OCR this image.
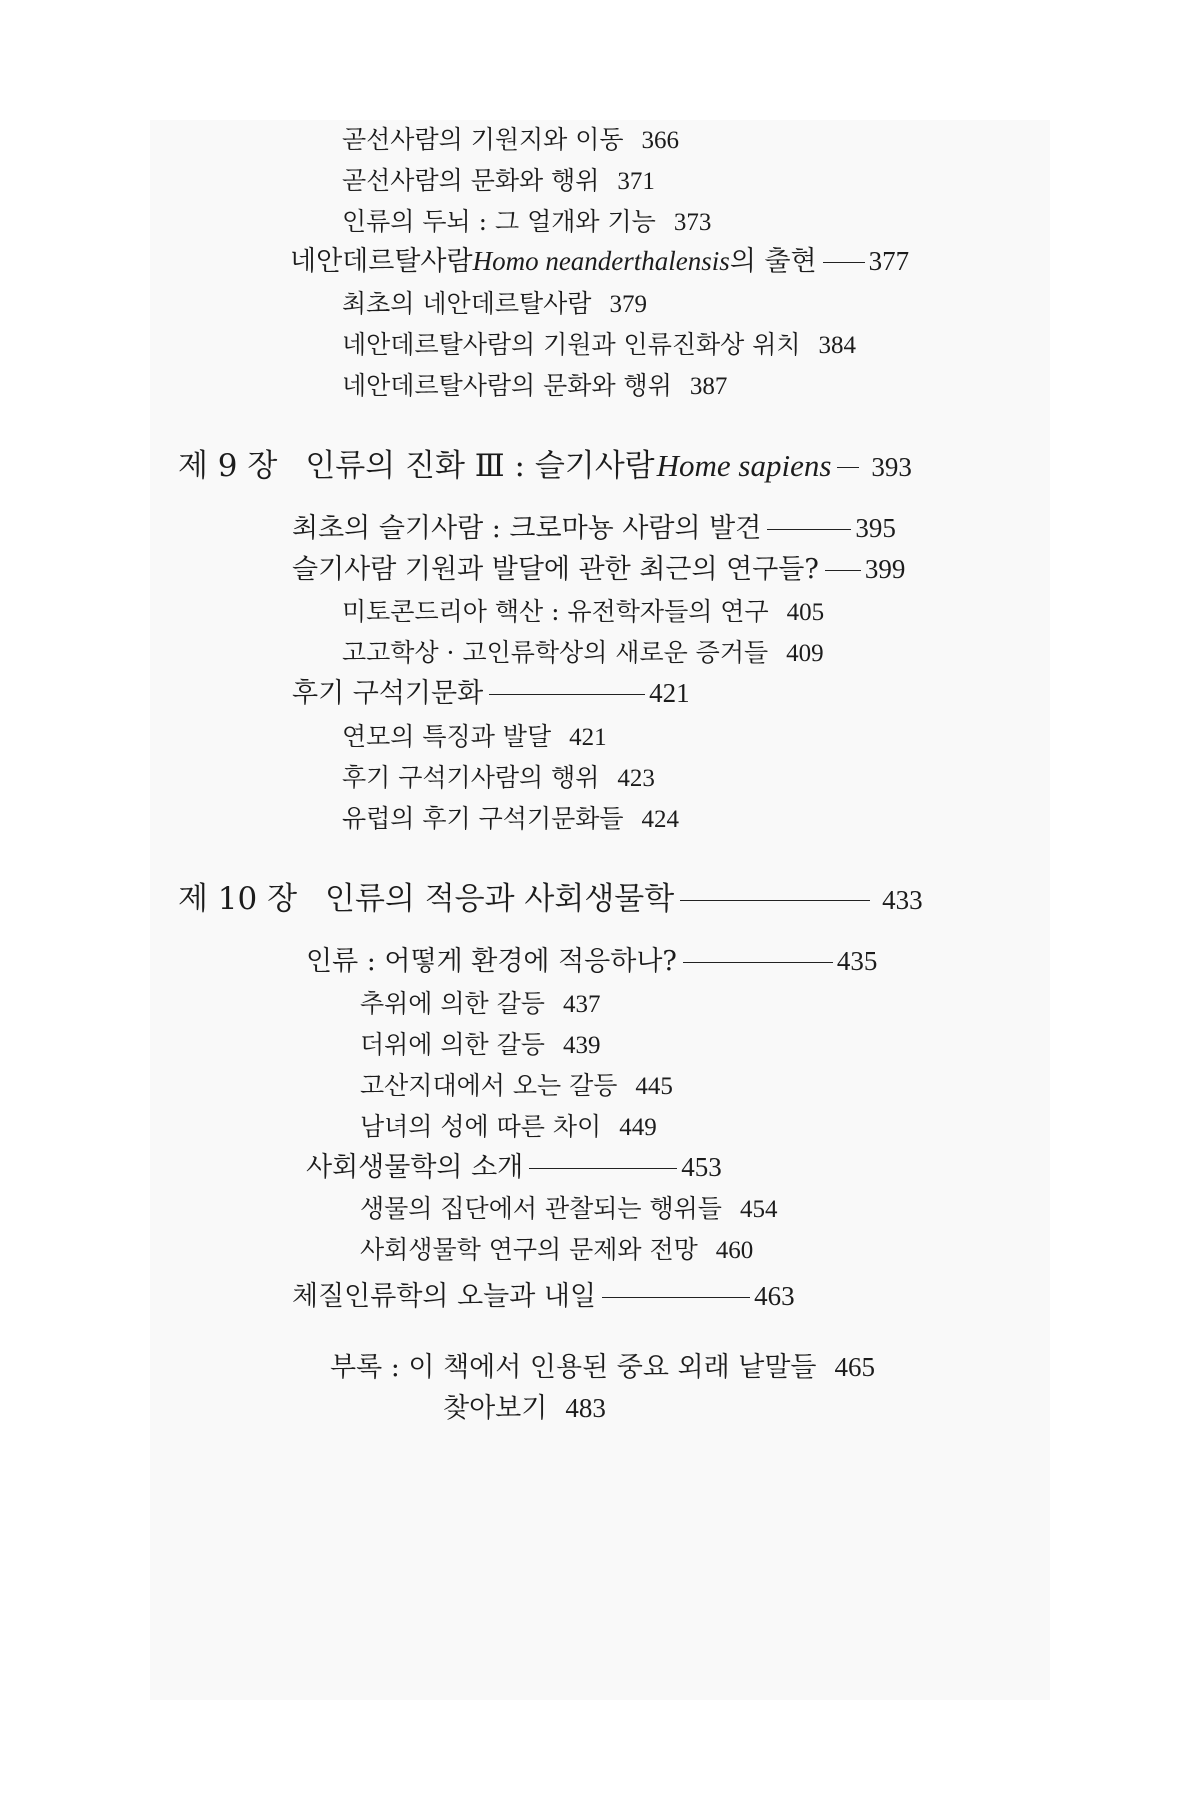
곧선사람의 기원지와 이동 366
곧선사람의 문화와 행위 371
인류의 두뇌 : 그 얼개와 기능 373
네안데르탈사람Homo neanderthalensis의 출현 377
최초의 네안데르탈사람 379
네안데르탈사람의 기원과 인류진화상 위치 384
네안데르탈사람의 문화와 행위 387
제 9 장 인류의 진화 Ⅲ : 슬기사람Home sapiens 393
최초의 슬기사람 : 크로마뇽 사람의 발견	395
슬기사람 기원과 발달에 관한 최근의 연구들? 399
미토콘드리아 핵산 : 유전학자들의 연구 405
고고학상 · 고인류학상의 새로운 증거들 409
후기 구석기문화	421
연모의 특징과 발달 421
후기 구석기사람의 행위 423
유럽의 후기 구석기문화들 424
제 10 장 인류의 적응과 사회생물학	433
인류 : 어떻게 환경에 적응하나?	435
추위에 의한 갈등 437
더위에 의한 갈등 439
고산지대에서 오는 갈등 445
남녀의 성에 따른 차이 449
사회생물학의 소개	453
생물의 집단에서 관찰되는 행위들 454
사회생물학 연구의 문제와 전망 460
체질인류학의 오늘과 내일	463
부록 : 이 책에서 인용된 중요 외래 낱말들 465
찾아보기 483
